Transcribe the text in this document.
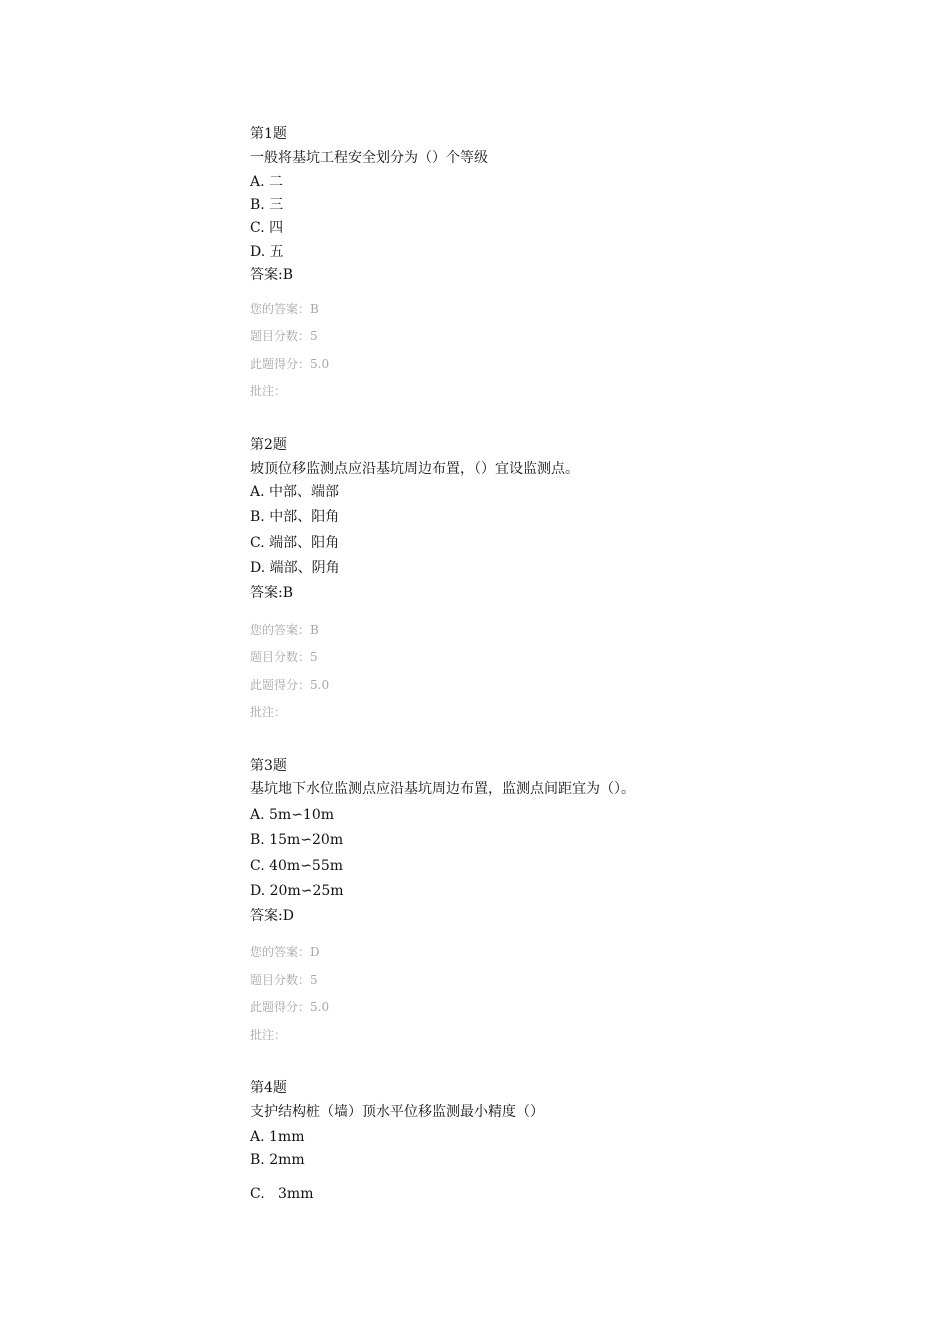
第1题
一般将基坑工程安全划分为（）个等级
A. 二
B. 三
C. 四
D. 五
答案:B
您的答案：B
题目分数：5
此题得分：5.0
批注：
第2题
坡顶位移监测点应沿基坑周边布置，（）宜设监测点。
A. 中部、端部
B. 中部、阳角
C. 端部、阳角
D. 端部、阴角
答案:B
您的答案：B
题目分数：5
此题得分：5.0
批注：
第3题
基坑地下水位监测点应沿基坑周边布置，监测点间距宜为（）。
A. 5m∽10m
B. 15m∽20m
C. 40m∽55m
D. 20m∽25m
答案:D
您的答案：D
题目分数：5
此题得分：5.0
批注：
第4题
支护结构桩（墙）顶水平位移监测最小精度（）
A. 1mm
B. 2mm
C.   3mm
